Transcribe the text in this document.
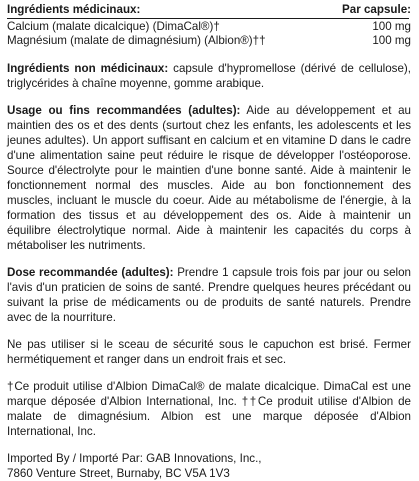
Ingrédients médicinaux:	Par capsule:
Calcium (malate dicalcique) (DimaCal®)†	100 mg
Magnésium (malate de dimagnésium) (Albion®)††	100 mg

Ingrédients non médicinaux: capsule d'hypromellose (dérivé de cellulose), triglycérides à chaîne moyenne, gomme arabique.

Usage ou fins recommandées (adultes): Aide au développement et au maintien des os et des dents (surtout chez les enfants, les adolescents et les jeunes adultes). Un apport suffisant en calcium et en vitamine D dans le cadre d'une alimentation saine peut réduire le risque de développer l'ostéoporose. Source d'électrolyte pour le maintien d'une bonne santé. Aide à maintenir le fonctionnement normal des muscles. Aide au bon fonctionnement des muscles, incluant le muscle du coeur. Aide au métabolisme de l'énergie, à la formation des tissus et au développement des os. Aide à maintenir un équilibre électrolytique normal. Aide à maintenir les capacités du corps à métaboliser les nutriments.

Dose recommandée (adultes): Prendre 1 capsule trois fois par jour ou selon l'avis d'un praticien de soins de santé. Prendre quelques heures précédant ou suivant la prise de médicaments ou de produits de santé naturels. Prendre avec de la nourriture.

Ne pas utiliser si le sceau de sécurité sous le capuchon est brisé. Fermer hermétiquement et ranger dans un endroit frais et sec.

†Ce produit utilise d'Albion DimaCal® de malate dicalcique. DimaCal est une marque déposée d'Albion International, Inc. ††Ce produit utilise d'Albion de malate de dimagnésium. Albion est une marque déposée d'Albion International, Inc.

Imported By / Importé Par: GAB Innovations, Inc.,
7860 Venture Street, Burnaby, BC V5A 1V3
